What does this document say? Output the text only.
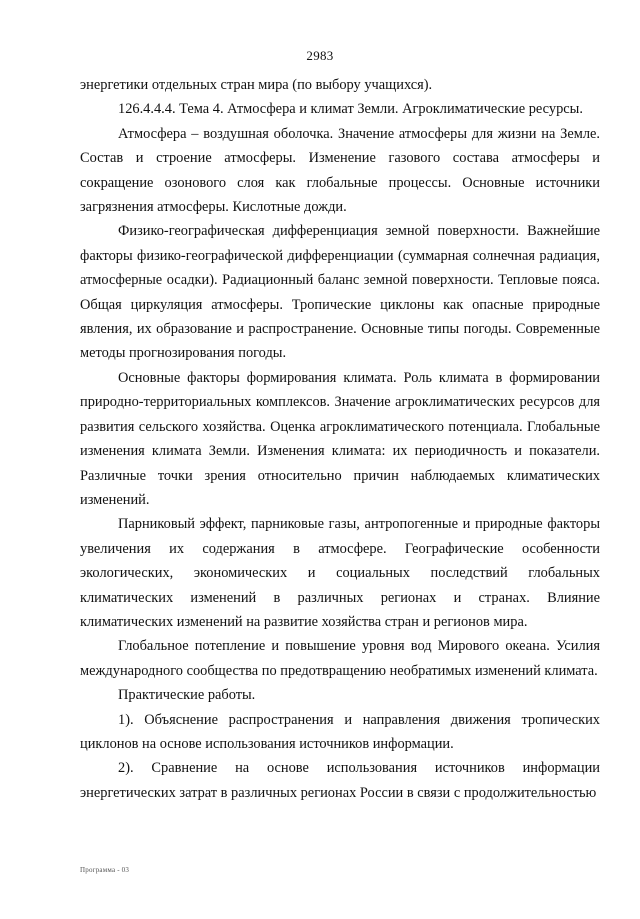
2983

энергетики отдельных стран мира (по выбору учащихся).

126.4.4.4. Тема 4. Атмосфера и климат Земли. Агроклиматические ресурсы.

Атмосфера – воздушная оболочка. Значение атмосферы для жизни на Земле. Состав и строение атмосферы. Изменение газового состава атмосферы и сокращение озонового слоя как глобальные процессы. Основные источники загрязнения атмосферы. Кислотные дожди.

Физико-географическая дифференциация земной поверхности. Важнейшие факторы физико-географической дифференциации (суммарная солнечная радиация, атмосферные осадки). Радиационный баланс земной поверхности. Тепловые пояса. Общая циркуляция атмосферы. Тропические циклоны как опасные природные явления, их образование и распространение. Основные типы погоды. Современные методы прогнозирования погоды.

Основные факторы формирования климата. Роль климата в формировании природно-территориальных комплексов. Значение агроклиматических ресурсов для развития сельского хозяйства. Оценка агроклиматического потенциала. Глобальные изменения климата Земли. Изменения климата: их периодичность и показатели. Различные точки зрения относительно причин наблюдаемых климатических изменений.

Парниковый эффект, парниковые газы, антропогенные и природные факторы увеличения их содержания в атмосфере. Географические особенности экологических, экономических и социальных последствий глобальных климатических изменений в различных регионах и странах. Влияние климатических изменений на развитие хозяйства стран и регионов мира.

Глобальное потепление и повышение уровня вод Мирового океана. Усилия международного сообщества по предотвращению необратимых изменений климата.

Практические работы.

1). Объяснение распространения и направления движения тропических циклонов на основе использования источников информации.

2). Сравнение на основе использования источников информации энергетических затрат в различных регионах России в связи с продолжительностью

Программа - 03
